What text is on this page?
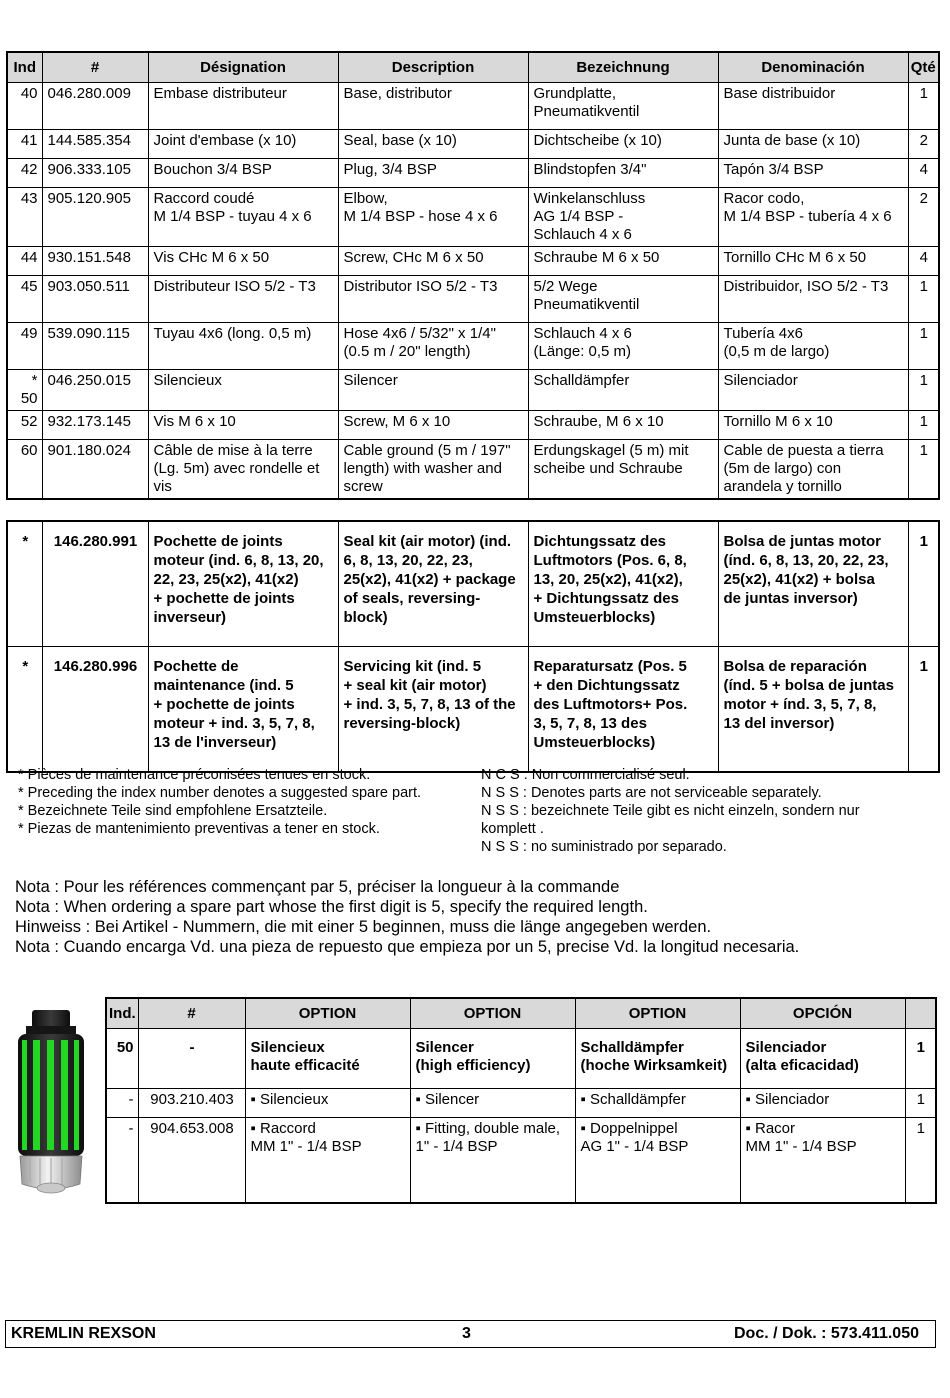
Ind	#	Désignation	Description	Bezeichnung	Denominación	Qté
40	046.280.009	Embase distributeur	Base, distributor	Grundplatte,
Pneumatikventil	Base distribuidor	1
41	144.585.354	Joint d'embase (x 10)	Seal, base (x 10)	Dichtscheibe (x 10)	Junta de base (x 10)	2
42	906.333.105	Bouchon 3/4 BSP	Plug, 3/4 BSP	Blindstopfen 3/4"	Tapón 3/4 BSP	4
43	905.120.905	Raccord coudé
M 1/4 BSP - tuyau 4 x 6	Elbow,
M 1/4 BSP - hose 4 x 6	Winkelanschluss
AG 1/4 BSP -
Schlauch 4 x 6	Racor codo,
M 1/4 BSP - tubería 4 x 6	2
44	930.151.548	Vis CHc M 6 x 50	Screw, CHc M 6 x 50	Schraube M 6 x 50	Tornillo CHc M 6 x 50	4
45	903.050.511	Distributeur ISO 5/2 - T3	Distributor ISO 5/2 - T3	5/2 Wege
Pneumatikventil	Distribuidor, ISO 5/2 - T3	1
49	539.090.115	Tuyau 4x6 (long. 0,5 m)	Hose 4x6 / 5/32" x 1/4"
(0.5 m / 20" length)	Schlauch 4 x 6
(Länge: 0,5 m)	Tubería 4x6
(0,5 m de largo)	1
* 50	046.250.015	Silencieux	Silencer	Schalldämpfer	Silenciador	1
52	932.173.145	Vis M 6 x 10	Screw, M 6 x 10	Schraube, M 6 x 10	Tornillo M 6 x 10	1
60	901.180.024	Câble de mise à la terre
(Lg. 5m) avec rondelle et
vis	Cable ground (5 m / 197"
length) with washer and
screw	Erdungskagel (5 m) mit
scheibe und Schraube	Cable de puesta a tierra
(5m de largo) con
arandela y tornillo	1
*	146.280.991	Pochette de joints
moteur (ind. 6, 8, 13, 20,
22, 23, 25(x2), 41(x2)
+ pochette de joints
inverseur)	Seal kit (air motor) (ind.
6, 8, 13, 20, 22, 23,
25(x2), 41(x2) + package
of seals, reversing-
block)	Dichtungssatz des
Luftmotors (Pos. 6, 8,
13, 20, 25(x2), 41(x2),
+ Dichtungssatz des
Umsteuerblocks)	Bolsa de juntas motor
(índ. 6, 8, 13, 20, 22, 23,
25(x2), 41(x2) + bolsa
de juntas inversor)	1
*	146.280.996	Pochette de
maintenance (ind. 5
+ pochette de joints
moteur + ind. 3, 5, 7, 8,
13 de l'inverseur)	Servicing kit (ind. 5
+ seal kit (air motor)
+ ind. 3, 5, 7, 8, 13 of the
reversing-block)	Reparatursatz (Pos. 5
+ den Dichtungssatz
des Luftmotors+ Pos.
3, 5, 7, 8, 13 des
Umsteuerblocks)	Bolsa de reparación
(índ. 5 + bolsa de juntas
motor + índ. 3, 5, 7, 8,
13 del inversor)	1
* Pièces de maintenance préconisées tenues en stock.
* Preceding the index number denotes a suggested spare part.
* Bezeichnete Teile sind empfohlene Ersatzteile.
* Piezas de mantenimiento preventivas a tener en stock.
N C S : Non commercialisé seul.
N S S : Denotes parts are not serviceable separately.
N S S : bezeichnete Teile gibt es nicht einzeln, sondern nur
komplett .
N S S : no suministrado por separado.
Nota : Pour les références commençant par 5, préciser la longueur à la commande
Nota : When ordering a spare part whose the first digit is 5, specify the required length.
Hinweiss : Bei Artikel - Nummern, die mit einer 5 beginnen, muss die länge angegeben werden.
Nota : Cuando encarga Vd. una pieza de repuesto que empieza por un 5, precise Vd. la longitud necesaria.
Ind.	#	OPTION	OPTION	OPTION	OPCIÓN	
50	-	Silencieux
haute efficacité	Silencer
(high efficiency)	Schalldämpfer
(hoche Wirksamkeit)	Silenciador
(alta eficacidad)	1
-	903.210.403	▪ Silencieux	▪ Silencer	▪ Schalldämpfer	▪ Silenciador	1
-	904.653.008	▪ Raccord
MM 1" - 1/4 BSP	▪ Fitting, double male,
1" - 1/4 BSP	▪ Doppelnippel
AG 1" - 1/4 BSP	▪ Racor
MM 1" - 1/4 BSP	1
KREMLIN REXSON	3	Doc. / Dok. : 573.411.050
